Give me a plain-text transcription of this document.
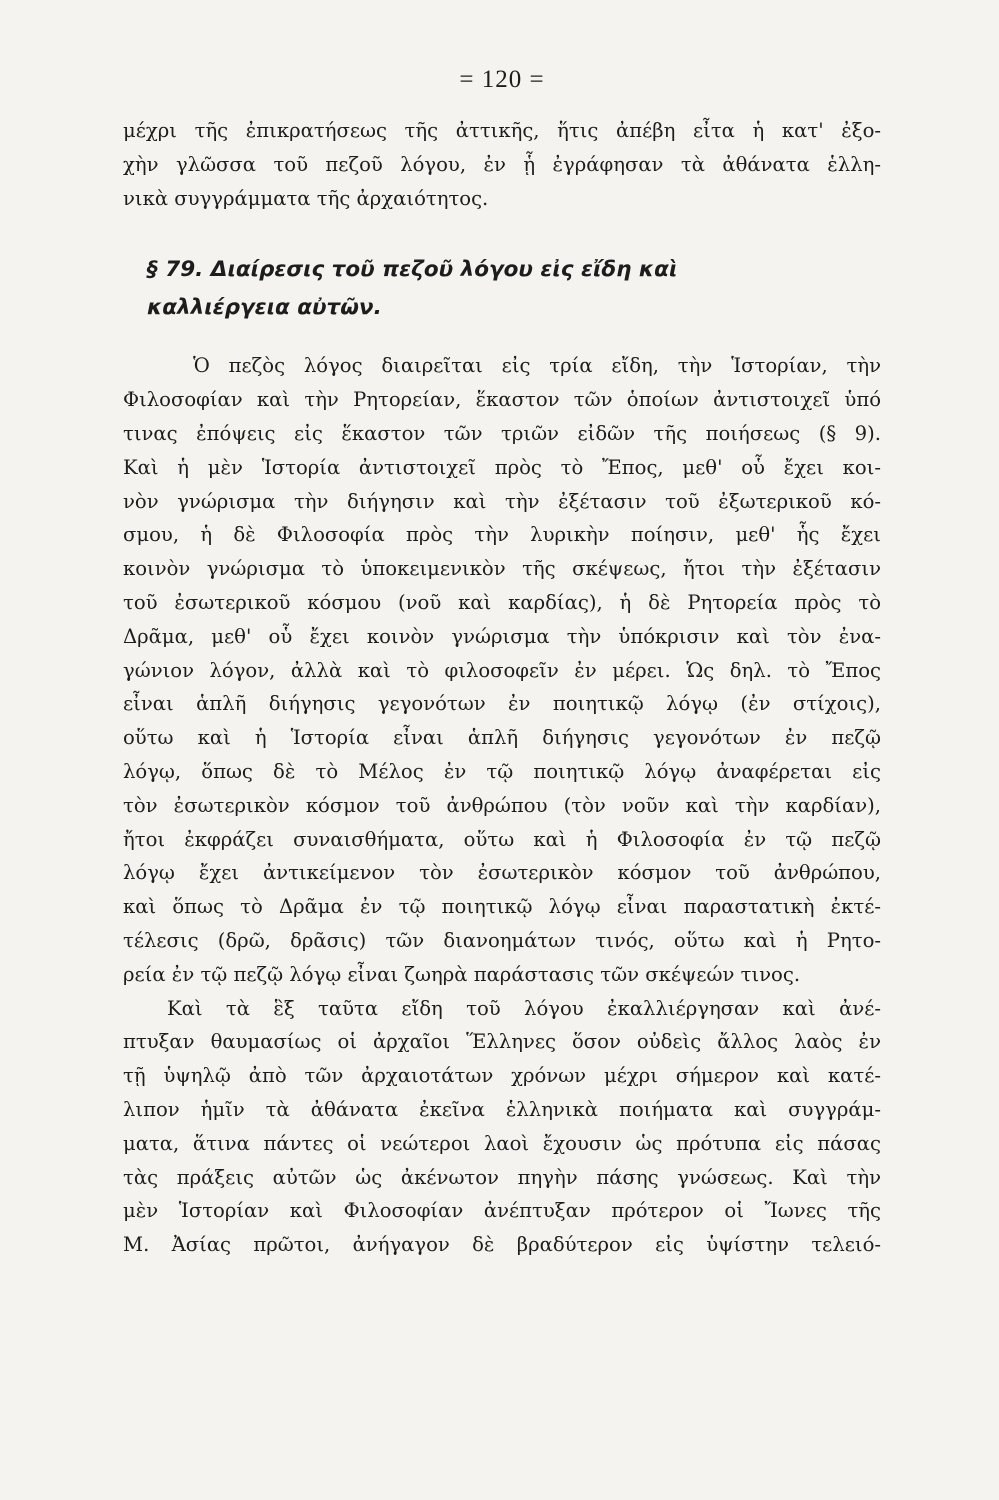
= 120 =

μέχρι τῆς ἐπικρατήσεως τῆς ἀττικῆς, ἥτις ἀπέβη εἶτα ἡ κατ' ἐξο-
χὴν γλῶσσα τοῦ πεζοῦ λόγου, ἐν ᾗ ἐγράφησαν τὰ ἀθάνατα ἑλλη-
νικὰ συγγράμματα τῆς ἀρχαιότητος.

§ 79. Διαίρεσις τοῦ πεζοῦ λόγου εἰς εἴδη καὶ
καλλιέργεια αὐτῶν.

Ὁ πεζὸς λόγος διαιρεῖται εἰς τρία εἴδη, τὴν Ἱστορίαν, τὴν
Φιλοσοφίαν καὶ τὴν Ρητορείαν, ἕκαστον τῶν ὁποίων ἀντιστοιχεῖ ὑπό
τινας ἐπόψεις εἰς ἕκαστον τῶν τριῶν εἰδῶν τῆς ποιήσεως (§ 9).
Καὶ ἡ μὲν Ἱστορία ἀντιστοιχεῖ πρὸς τὸ Ἔπος, μεθ' οὗ ἔχει κοι-
νὸν γνώρισμα τὴν διήγησιν καὶ τὴν ἐξέτασιν τοῦ ἐξωτερικοῦ κό-
σμου, ἡ δὲ Φιλοσοφία πρὸς τὴν λυρικὴν ποίησιν, μεθ' ἧς ἔχει
κοινὸν γνώρισμα τὸ ὑποκειμενικὸν τῆς σκέψεως, ἤτοι τὴν ἐξέτασιν
τοῦ ἐσωτερικοῦ κόσμου (νοῦ καὶ καρδίας), ἡ δὲ Ρητορεία πρὸς τὸ
Δρᾶμα, μεθ' οὗ ἔχει κοινὸν γνώρισμα τὴν ὑπόκρισιν καὶ τὸν ἐνα-
γώνιον λόγον, ἀλλὰ καὶ τὸ φιλοσοφεῖν ἐν μέρει. Ὡς δηλ. τὸ Ἔπος
εἶναι ἁπλῆ διήγησις γεγονότων ἐν ποιητικῷ λόγῳ (ἐν στίχοις),
οὕτω καὶ ἡ Ἱστορία εἶναι ἁπλῆ διήγησις γεγονότων ἐν πεζῷ
λόγῳ, ὅπως δὲ τὸ Μέλος ἐν τῷ ποιητικῷ λόγῳ ἀναφέρεται εἰς
τὸν ἐσωτερικὸν κόσμον τοῦ ἀνθρώπου (τὸν νοῦν καὶ τὴν καρδίαν),
ἤτοι ἐκφράζει συναισθήματα, οὕτω καὶ ἡ Φιλοσοφία ἐν τῷ πεζῷ
λόγῳ ἔχει ἀντικείμενον τὸν ἐσωτερικὸν κόσμον τοῦ ἀνθρώπου,
καὶ ὅπως τὸ Δρᾶμα ἐν τῷ ποιητικῷ λόγῳ εἶναι παραστατικὴ ἐκτέ-
τέλεσις (δρῶ, δρᾶσις) τῶν διανοημάτων τινός, οὕτω καὶ ἡ Ρητο-
ρεία ἐν τῷ πεζῷ λόγῳ εἶναι ζωηρὰ παράστασις τῶν σκέψεών τινος.

Καὶ τὰ ἓξ ταῦτα εἴδη τοῦ λόγου ἐκαλλιέργησαν καὶ ἀνέ-
πτυξαν θαυμασίως οἱ ἀρχαῖοι Ἕλληνες ὅσον οὐδεὶς ἄλλος λαὸς ἐν
τῇ ὑψηλῷ ἀπὸ τῶν ἀρχαιοτάτων χρόνων μέχρι σήμερον καὶ κατέ-
λιπον ἡμῖν τὰ ἀθάνατα ἐκεῖνα ἑλληνικὰ ποιήματα καὶ συγγράμ-
ματα, ἅτινα πάντες οἱ νεώτεροι λαοὶ ἔχουσιν ὡς πρότυπα εἰς πάσας
τὰς πράξεις αὐτῶν ὡς ἀκένωτον πηγὴν πάσης γνώσεως. Καὶ τὴν
μὲν Ἱστορίαν καὶ Φιλοσοφίαν ἀνέπτυξαν πρότερον οἱ Ἴωνες τῆς
Μ. Ἀσίας πρῶτοι, ἀνήγαγον δὲ βραδύτερον εἰς ὑψίστην τελειό-
